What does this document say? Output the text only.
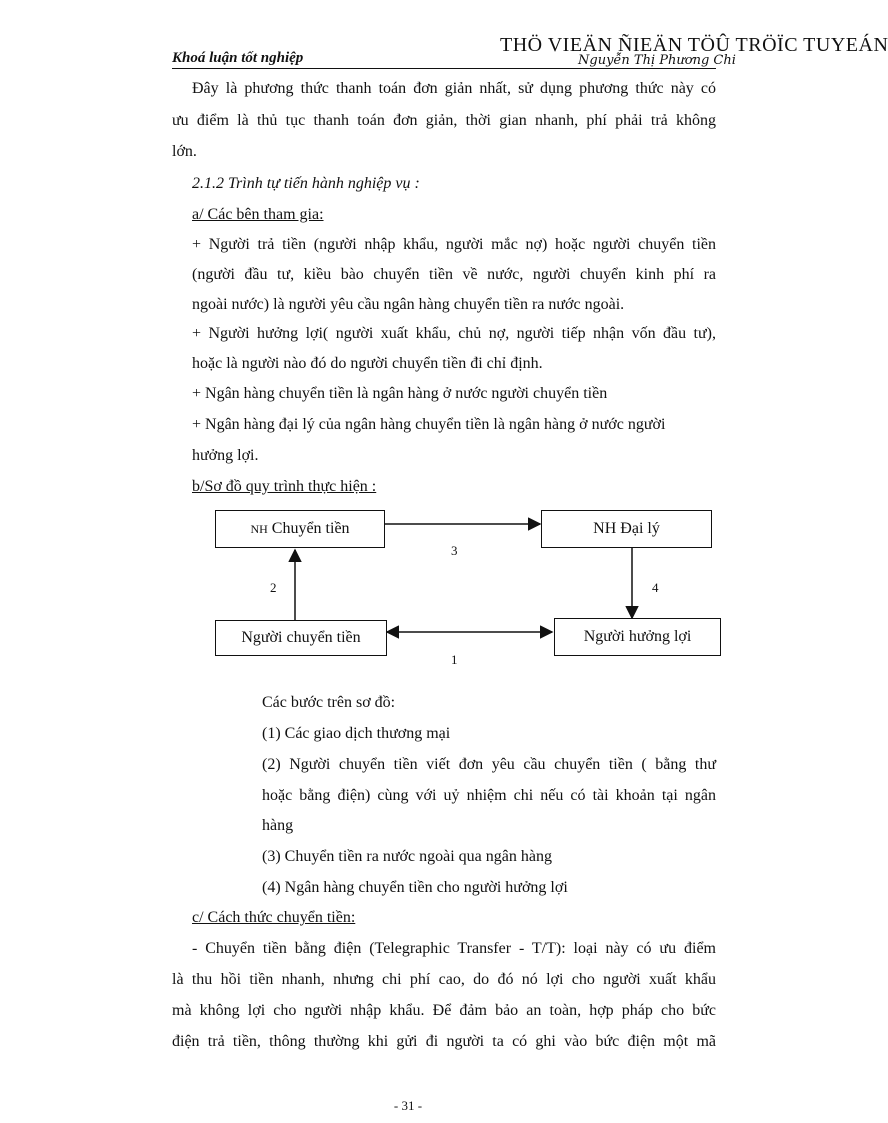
THÖ VIEÄN ÑIEÄN TÖÛ TRÖÏC TUYEÁN
Khoá luận tốt nghiệp	Nguyễn Thị Phương Chi
Đây là phương thức thanh toán đơn giản nhất, sử dụng phương thức này có
ưu điểm là thủ tục thanh toán đơn giản, thời gian nhanh, phí phải trả không
lớn.
2.1.2 Trình tự tiến hành nghiệp vụ :
a/ Các bên tham gia:
+ Người trả tiền (người nhập khẩu, người mắc nợ) hoặc người chuyển tiền
(người đầu tư, kiều bào chuyển tiền về nước, người chuyển kinh phí ra
ngoài nước) là người yêu cầu ngân hàng chuyển tiền ra nước ngoài.
+ Người hưởng lợi( người xuất khẩu, chủ nợ, người tiếp nhận vốn đầu tư),
hoặc là người nào đó do người chuyển tiền đi chỉ định.
+ Ngân hàng chuyển tiền là ngân hàng ở nước người chuyển tiền
+ Ngân hàng đại lý của ngân hàng chuyển tiền là ngân hàng ở nước người
hưởng lợi.
b/Sơ đồ quy trình thực hiện :
NH Chuyển tiền	NH Đại lý
Người chuyển tiền	Người hưởng lợi
3
2	4
1
Các bước trên sơ đồ:
(1) Các giao dịch thương mại
(2) Người chuyển tiền viết đơn yêu cầu chuyển tiền ( bằng thư
hoặc bằng điện) cùng với uỷ nhiệm chi nếu có tài khoản tại ngân
hàng
(3) Chuyển tiền ra nước ngoài qua ngân hàng
(4) Ngân hàng chuyển tiền cho người hưởng lợi
c/ Cách thức chuyển tiền:
- Chuyển tiền bằng điện (Telegraphic Transfer - T/T): loại này có ưu điểm
là thu hồi tiền nhanh, nhưng chi phí cao, do đó nó lợi cho người xuất khẩu
mà không lợi cho người nhập khẩu. Để đảm bảo an toàn, hợp pháp cho bức
điện trả tiền, thông thường khi gửi đi người ta có ghi vào bức điện một mã
- 31 -
